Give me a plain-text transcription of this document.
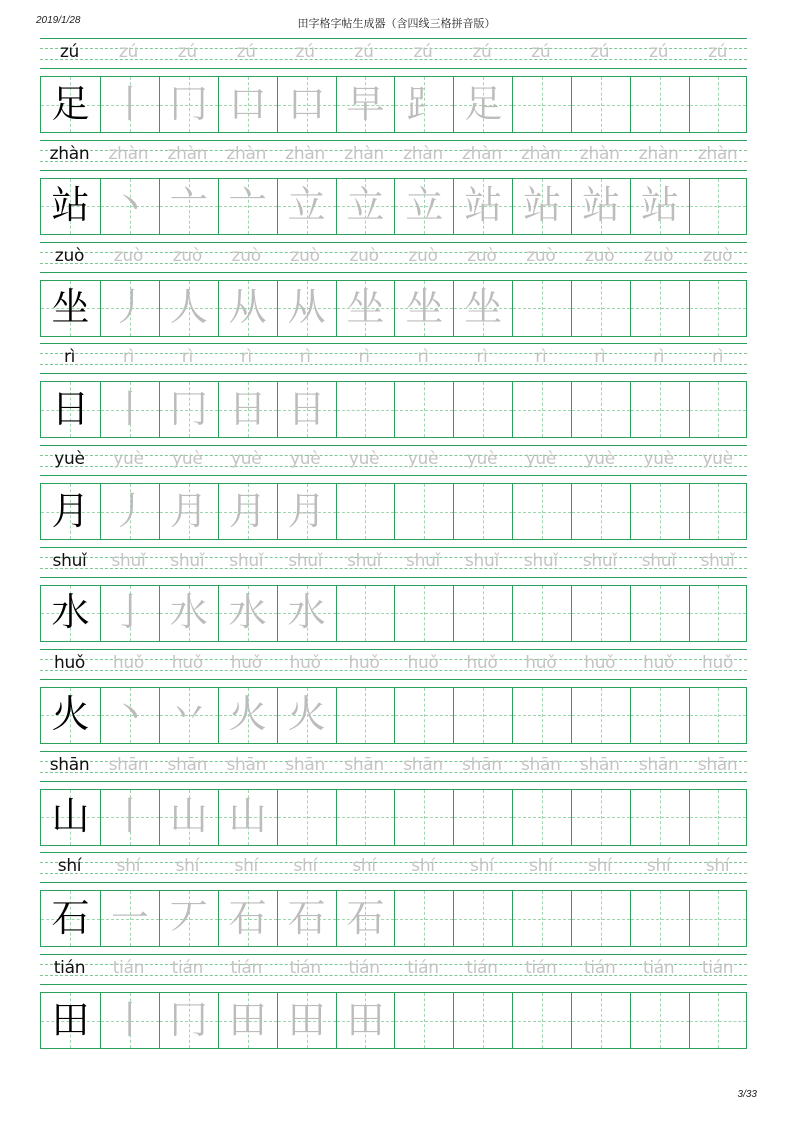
2019/1/28	田字格字帖生成器（含四线三格拼音版）
zú	zú	zú	zú	zú	zú	zú	zú	zú	zú	zú	zú
足 丨 冂 口 口 早 ⻊ 足
zhàn	zhàn	zhàn	zhàn	zhàn	zhàn	zhàn	zhàn	zhàn	zhàn	zhàn	zhàn
站 丶 亠 亠 立 立 立 站 站 站 站
zuò	zuò	zuò	zuò	zuò	zuò	zuò	zuò	zuò	zuò	zuò	zuò
坐 丿 人 从 从 坐 坐 坐
rì	rì	rì	rì	rì	rì	rì	rì	rì	rì	rì	rì
日 丨 冂 日 日
yuè	yuè	yuè	yuè	yuè	yuè	yuè	yuè	yuè	yuè	yuè	yuè
月 丿 月 月 月
shuǐ	shuǐ	shuǐ	shuǐ	shuǐ	shuǐ	shuǐ	shuǐ	shuǐ	shuǐ	shuǐ	shuǐ
水 亅 水 水 水
huǒ	huǒ	huǒ	huǒ	huǒ	huǒ	huǒ	huǒ	huǒ	huǒ	huǒ	huǒ
火 丶 丷 火 火
shān	shān	shān	shān	shān	shān	shān	shān	shān	shān	shān	shān
山 丨 山 山
shí	shí	shí	shí	shí	shí	shí	shí	shí	shí	shí	shí
石 一 丆 石 石 石
tián	tián	tián	tián	tián	tián	tián	tián	tián	tián	tián	tián
田 丨 冂 田 田 田
3/33
